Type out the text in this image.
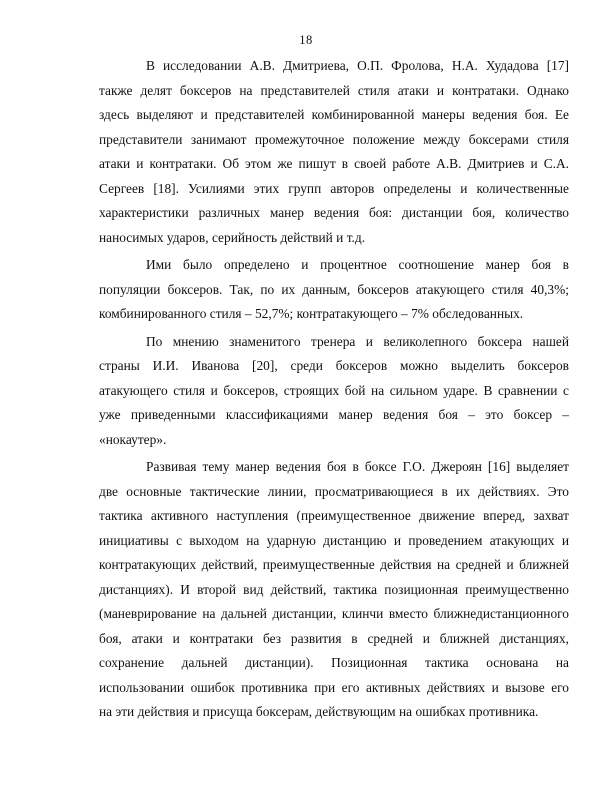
18
В исследовании А.В. Дмитриева, О.П. Фролова, Н.А. Худадова [17]
также делят боксеров на представителей стиля атаки и контратаки. Однако
здесь выделяют и представителей комбинированной манеры ведения боя. Ее
представители занимают промежуточное положение между боксерами стиля
атаки и контратаки. Об этом же пишут в своей работе А.В. Дмитриев и С.А.
Сергеев [18]. Усилиями этих групп авторов определены и количественные
характеристики различных манер ведения боя: дистанции боя, количество
наносимых ударов, серийность действий и т.д.
Ими было определено и процентное соотношение манер боя в
популяции боксеров. Так, по их данным, боксеров атакующего стиля 40,3%;
комбинированного стиля – 52,7%; контратакующего – 7% обследованных.
По мнению знаменитого тренера и великолепного боксера нашей
страны И.И. Иванова [20], среди боксеров можно выделить боксеров
атакующего стиля и боксеров, строящих бой на сильном ударе. В сравнении с
уже приведенными классификациями манер ведения боя – это боксер –
«нокаутер».
Развивая тему манер ведения боя в боксе Г.О. Джероян [16] выделяет
две основные тактические линии, просматривающиеся в их действиях. Это
тактика активного наступления (преимущественное движение вперед, захват
инициативы с выходом на ударную дистанцию и проведением атакующих и
контратакующих действий, преимущественные действия на средней и ближней
дистанциях). И второй вид действий, тактика позиционная преимущественно
(маневрирование на дальней дистанции, клинчи вместо ближнедистанционного
боя, атаки и контратаки без развития в средней и ближней дистанциях,
сохранение дальней дистанции). Позиционная тактика основана на
использовании ошибок противника при его активных действиях и вызове его
на эти действия и присуща боксерам, действующим на ошибках противника.
